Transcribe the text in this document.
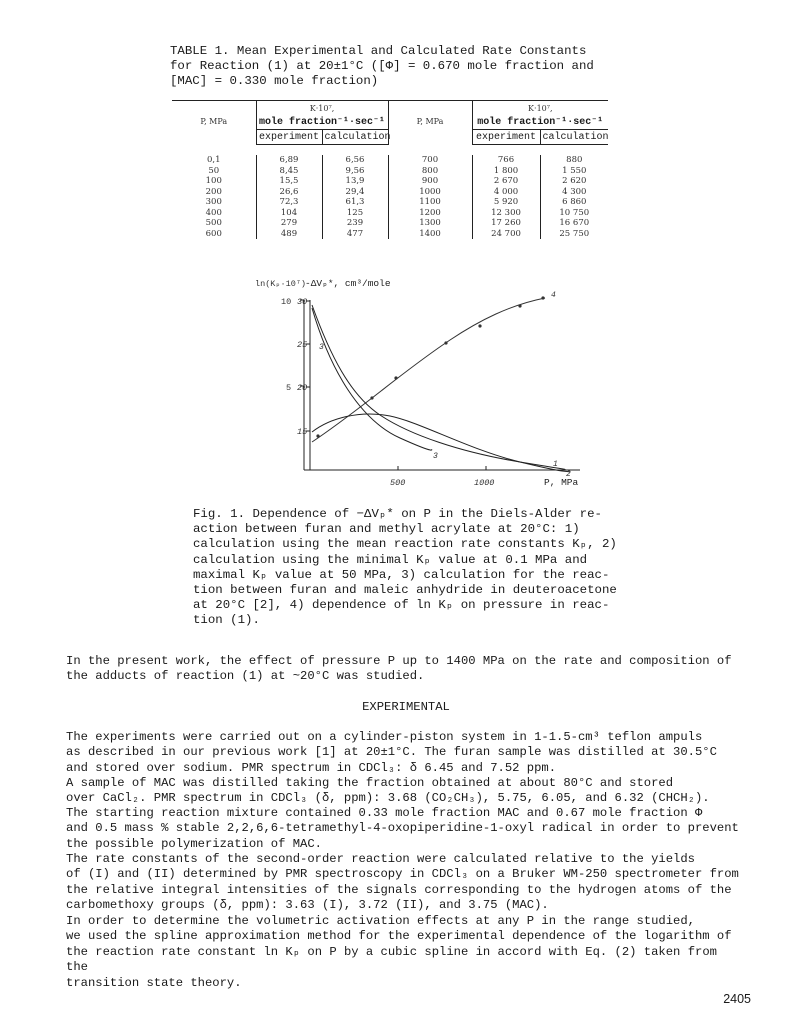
TABLE 1. Mean Experimental and Calculated Rate Constants
for Reaction (1) at 20±1°C ([Φ] = 0.670 mole fraction and
[MAC] = 0.330 mole fraction)
P, MPa	K·10⁷,		P, MPa	K·10⁷,	
	mole fraction⁻¹·sec⁻¹			mole fraction⁻¹·sec⁻¹	
	experiment	calculation		experiment	calculation

0,1	6,89	6,56	700	766	880
50	8,45	9,56	800	1 800	1 550
100	15,5	13,9	900	2 670	2 620
200	26,6	29,4	1000	4 000	4 300
300	72,3	61,3	1100	5 920	6 860
400	104	125	1200	12 300	10 750
500	279	239	1300	17 260	16 670
600	489	477	1400	24 700	25 750
ln(Kₚ·10⁷)
-ΔVₚ*, cm³/mole
10
5
30
25
20
15
500	1000	P, MPa
4
3
3
1
2
Fig. 1. Dependence of −ΔVₚ* on P in the Diels-Alder re-
action between furan and methyl acrylate at 20°C: 1)
calculation using the mean reaction rate constants Kₚ, 2)
calculation using the minimal Kₚ value at 0.1 MPa and
maximal Kₚ value at 50 MPa, 3) calculation for the reac-
tion between furan and maleic anhydride in deuteroacetone
at 20°C [2], 4) dependence of ln Kₚ on pressure in reac-
tion (1).
In the present work, the effect of pressure P up to 1400 MPa on the rate and composition of
the adducts of reaction (1) at ~20°C was studied.
EXPERIMENTAL
The experiments were carried out on a cylinder-piston system in 1-1.5-cm³ teflon ampuls
as described in our previous work [1] at 20±1°C. The furan sample was distilled at 30.5°C
and stored over sodium. PMR spectrum in CDCl₃: δ 6.45 and 7.52 ppm.
A sample of MAC was distilled taking the fraction obtained at about 80°C and stored
over CaCl₂. PMR spectrum in CDCl₃ (δ, ppm): 3.68 (CO₂CH₃), 5.75, 6.05, and 6.32 (CHCH₂).
The starting reaction mixture contained 0.33 mole fraction MAC and 0.67 mole fraction Φ
and 0.5 mass % stable 2,2,6,6-tetramethyl-4-oxopiperidine-1-oxyl radical in order to prevent
the possible polymerization of MAC.
The rate constants of the second-order reaction were calculated relative to the yields
of (I) and (II) determined by PMR spectroscopy in CDCl₃ on a Bruker WM-250 spectrometer from
the relative integral intensities of the signals corresponding to the hydrogen atoms of the
carbomethoxy groups (δ, ppm): 3.63 (I), 3.72 (II), and 3.75 (MAC).
In order to determine the volumetric activation effects at any P in the range studied,
we used the spline approximation method for the experimental dependence of the logarithm of
the reaction rate constant ln Kₚ on P by a cubic spline in accord with Eq. (2) taken from the
transition state theory.
2405
